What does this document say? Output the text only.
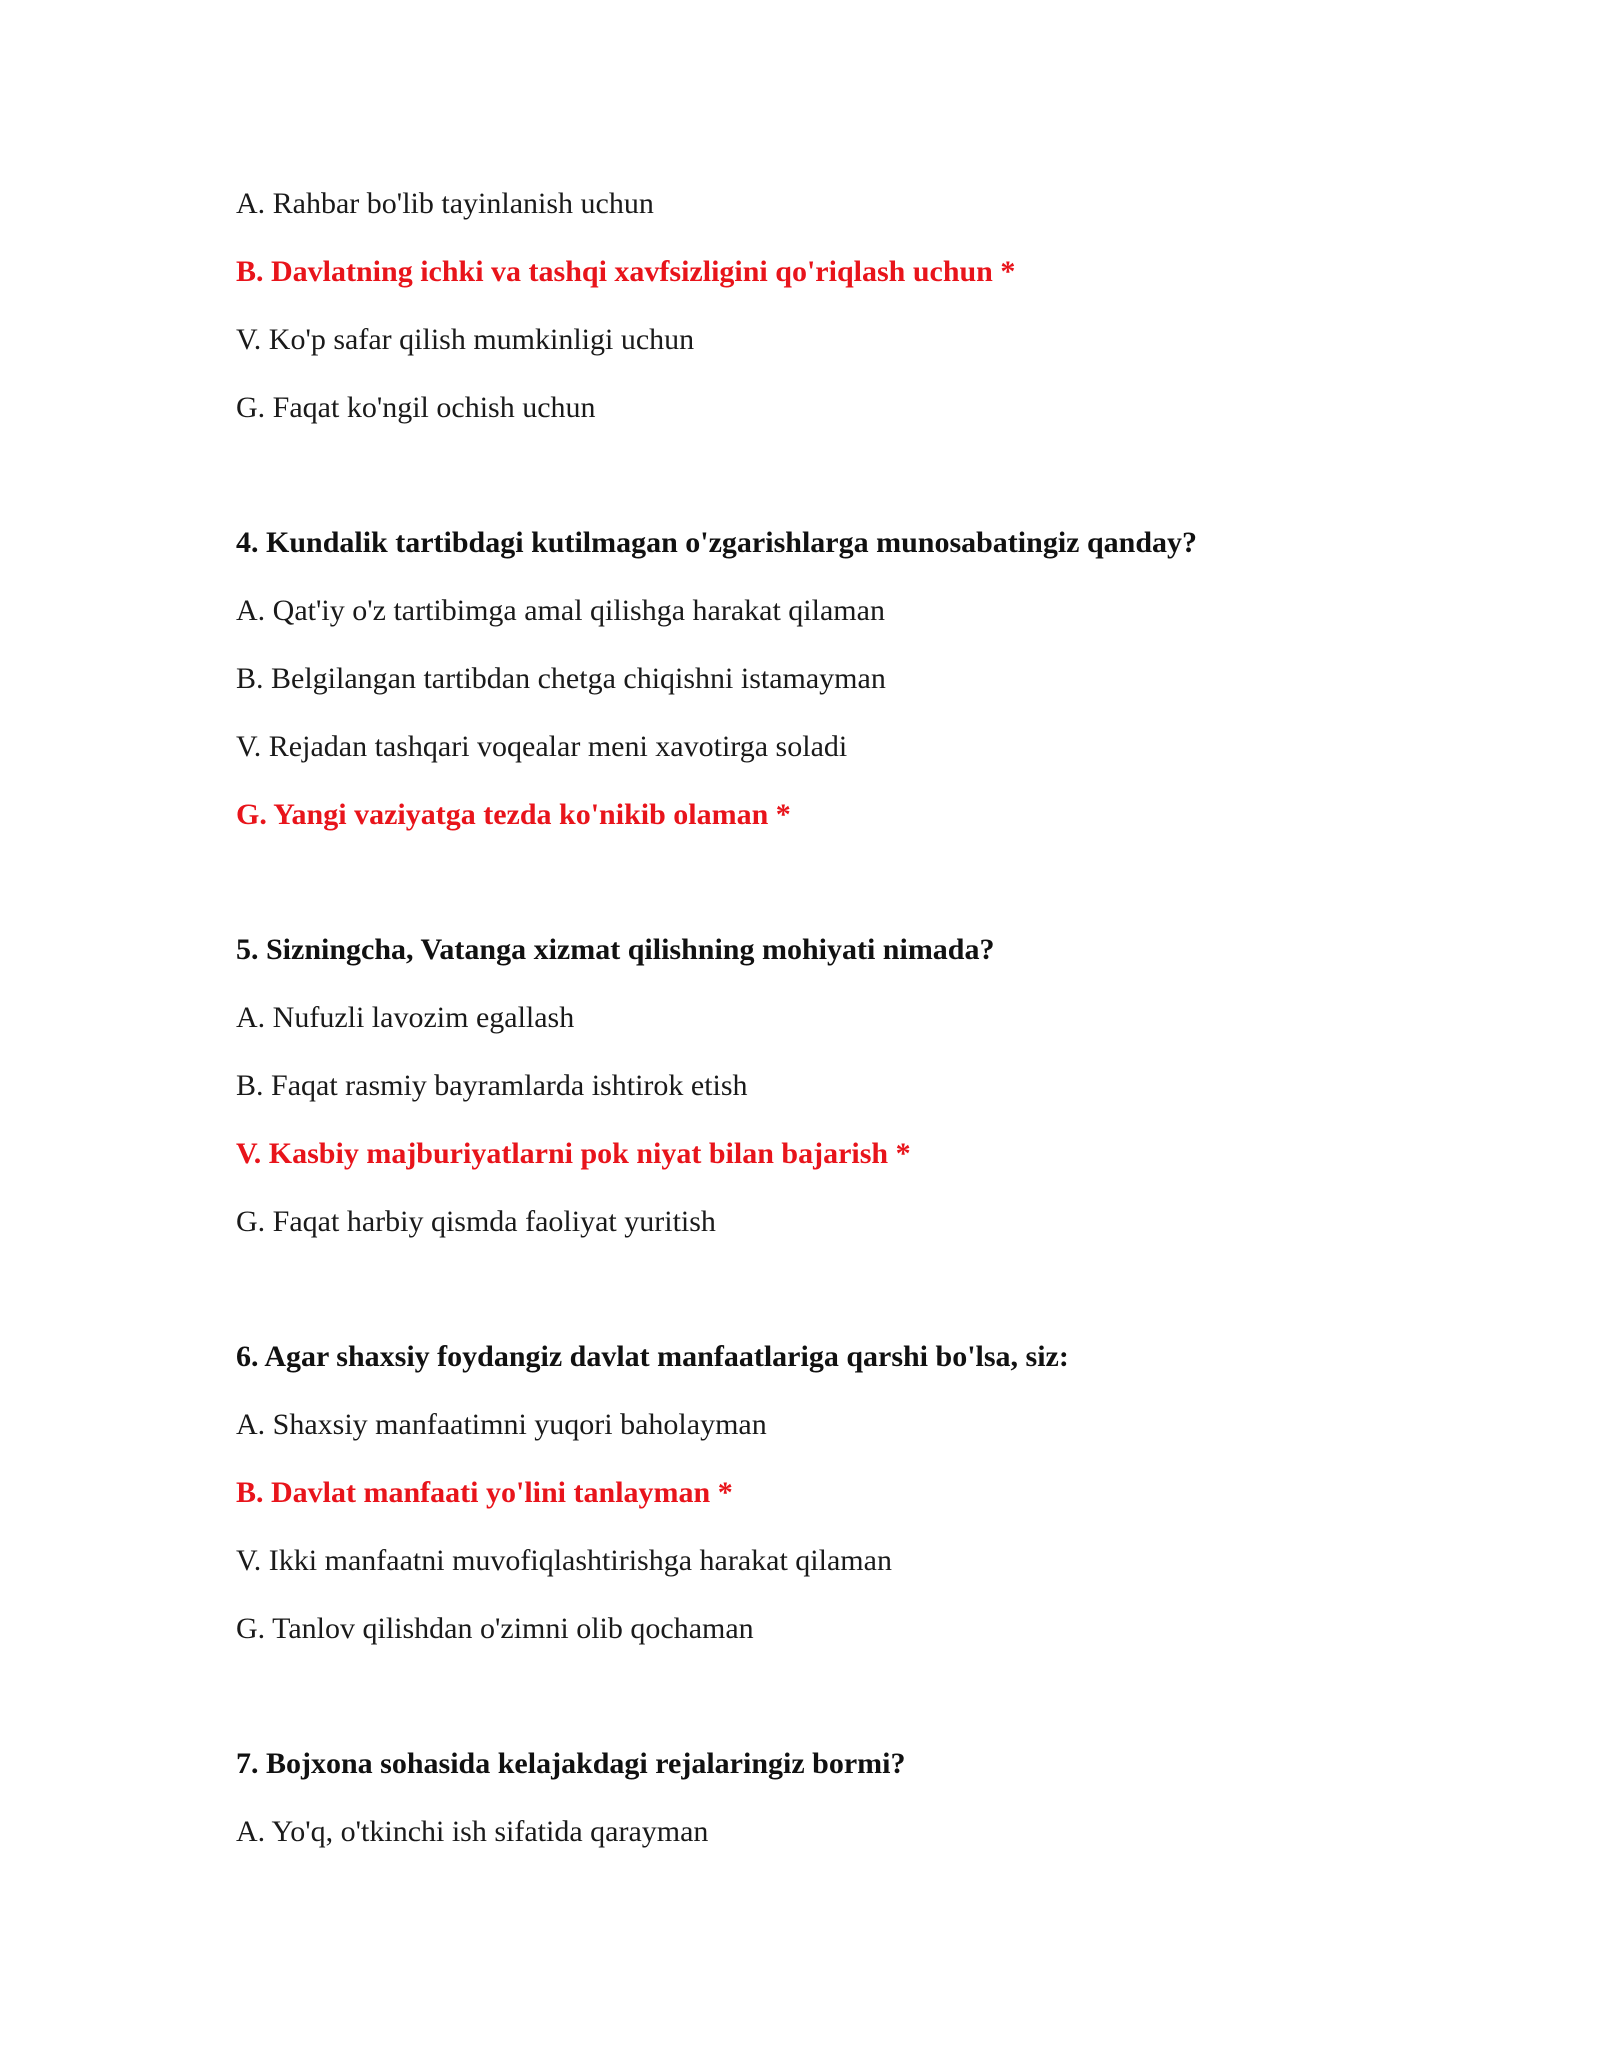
A. Rahbar bo'lib tayinlanish uchun
B. Davlatning ichki va tashqi xavfsizligini qo'riqlash uchun *
V. Ko'p safar qilish mumkinligi uchun
G. Faqat ko'ngil ochish uchun
4. Kundalik tartibdagi kutilmagan o'zgarishlarga munosabatingiz qanday?
A. Qat'iy o'z tartibimga amal qilishga harakat qilaman
B. Belgilangan tartibdan chetga chiqishni istamayman
V. Rejadan tashqari voqealar meni xavotirga soladi
G. Yangi vaziyatga tezda ko'nikib olaman *
5. Sizningcha, Vatanga xizmat qilishning mohiyati nimada?
A. Nufuzli lavozim egallash
B. Faqat rasmiy bayramlarda ishtirok etish
V. Kasbiy majburiyatlarni pok niyat bilan bajarish *
G. Faqat harbiy qismda faoliyat yuritish
6. Agar shaxsiy foydangiz davlat manfaatlariga qarshi bo'lsa, siz:
A. Shaxsiy manfaatimni yuqori baholayman
B. Davlat manfaati yo'lini tanlayman *
V. Ikki manfaatni muvofiqlashtirishga harakat qilaman
G. Tanlov qilishdan o'zimni olib qochaman
7. Bojxona sohasida kelajakdagi rejalaringiz bormi?
A. Yo'q, o'tkinchi ish sifatida qarayman
